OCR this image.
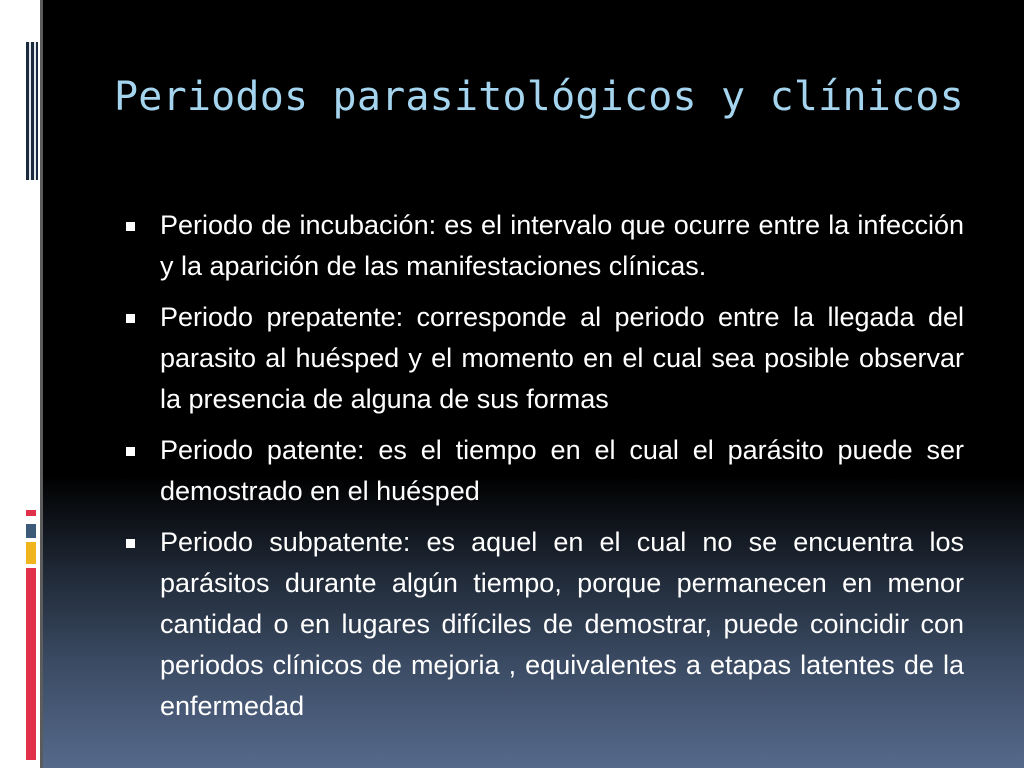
Periodos parasitológicos y clínicos
Periodo de incubación: es el intervalo que ocurre entre la infección y la aparición de las manifestaciones clínicas.
Periodo prepatente: corresponde al periodo entre la llegada del parasito al huésped y el momento en el cual sea posible observar la presencia de alguna de sus formas
Periodo patente: es el tiempo en el cual el parásito puede ser demostrado en el huésped
Periodo subpatente: es aquel en el cual no se encuentra los parásitos durante algún tiempo, porque permanecen en menor cantidad o en lugares difíciles de demostrar, puede coincidir con periodos clínicos de mejoria , equivalentes a etapas latentes de la enfermedad
